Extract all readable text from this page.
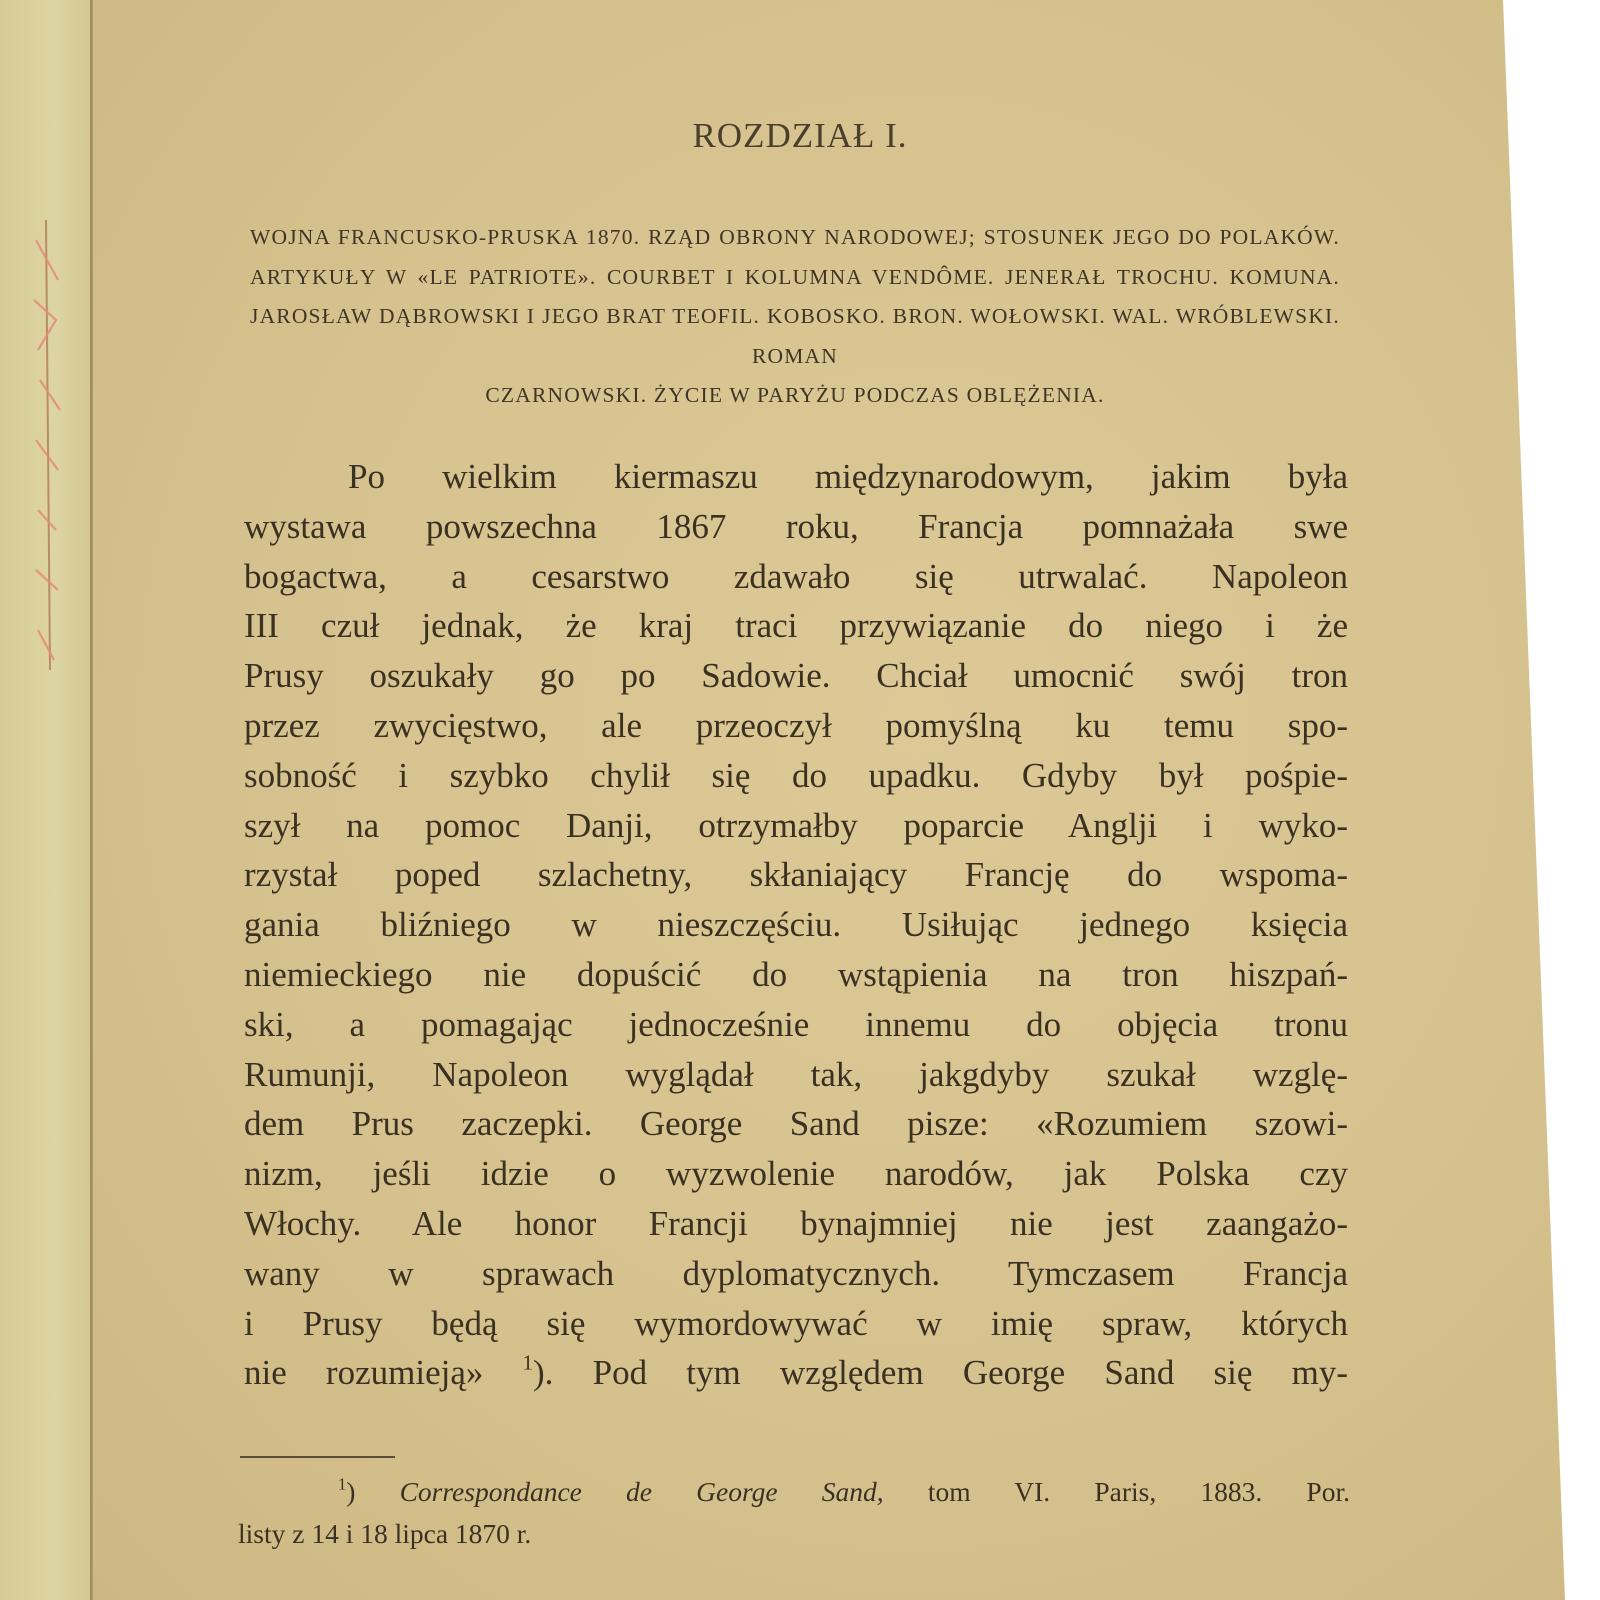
ROZDZIAŁ I.
WOJNA FRANCUSKO-PRUSKA 1870. RZĄD OBRONY NARODOWEJ; STOSUNEK JEGO DO POLAKÓW. ARTYKUŁY W «LE PATRIOTE». COURBET I KOLUMNA VENDÔME. JENERAŁ TROCHU. KOMUNA. JAROSŁAW DĄBROWSKI I JEGO BRAT TEOFIL. KOBOSKO. BRON. WOŁOWSKI. WAL. WRÓBLEWSKI. ROMAN
CZARNOWSKI. ŻYCIE W PARYŻU PODCZAS OBLĘŻENIA.
Po wielkim kiermaszu międzynarodowym, jakim była
wystawa powszechna 1867 roku, Francja pomnażała swe
bogactwa, a cesarstwo zdawało się utrwalać. Napoleon
III czuł jednak, że kraj traci przywiązanie do niego i że
Prusy oszukały go po Sadowie. Chciał umocnić swój tron
przez zwycięstwo, ale przeoczył pomyślną ku temu spo-
sobność i szybko chylił się do upadku. Gdyby był pośpie-
szył na pomoc Danji, otrzymałby poparcie Anglji i wyko-
rzystał poped szlachetny, skłaniający Francję do wspoma-
gania bliźniego w nieszczęściu. Usiłując jednego księcia
niemieckiego nie dopuścić do wstąpienia na tron hiszpań-
ski, a pomagając jednocześnie innemu do objęcia tronu
Rumunji, Napoleon wyglądał tak, jakgdyby szukał wzglę-
dem Prus zaczepki. George Sand pisze: «Rozumiem szowi-
nizm, jeśli idzie o wyzwolenie narodów, jak Polska czy
Włochy. Ale honor Francji bynajmniej nie jest zaangażo-
wany w sprawach dyplomatycznych. Tymczasem Francja
i Prusy będą się wymordowywać w imię spraw, których
nie rozumieją» $^1$). Pod tym względem George Sand się my-
$^1$) Correspondance de George Sand, tom VI. Paris, 1883. Por.
listy z 14 i 18 lipca 1870 r.
